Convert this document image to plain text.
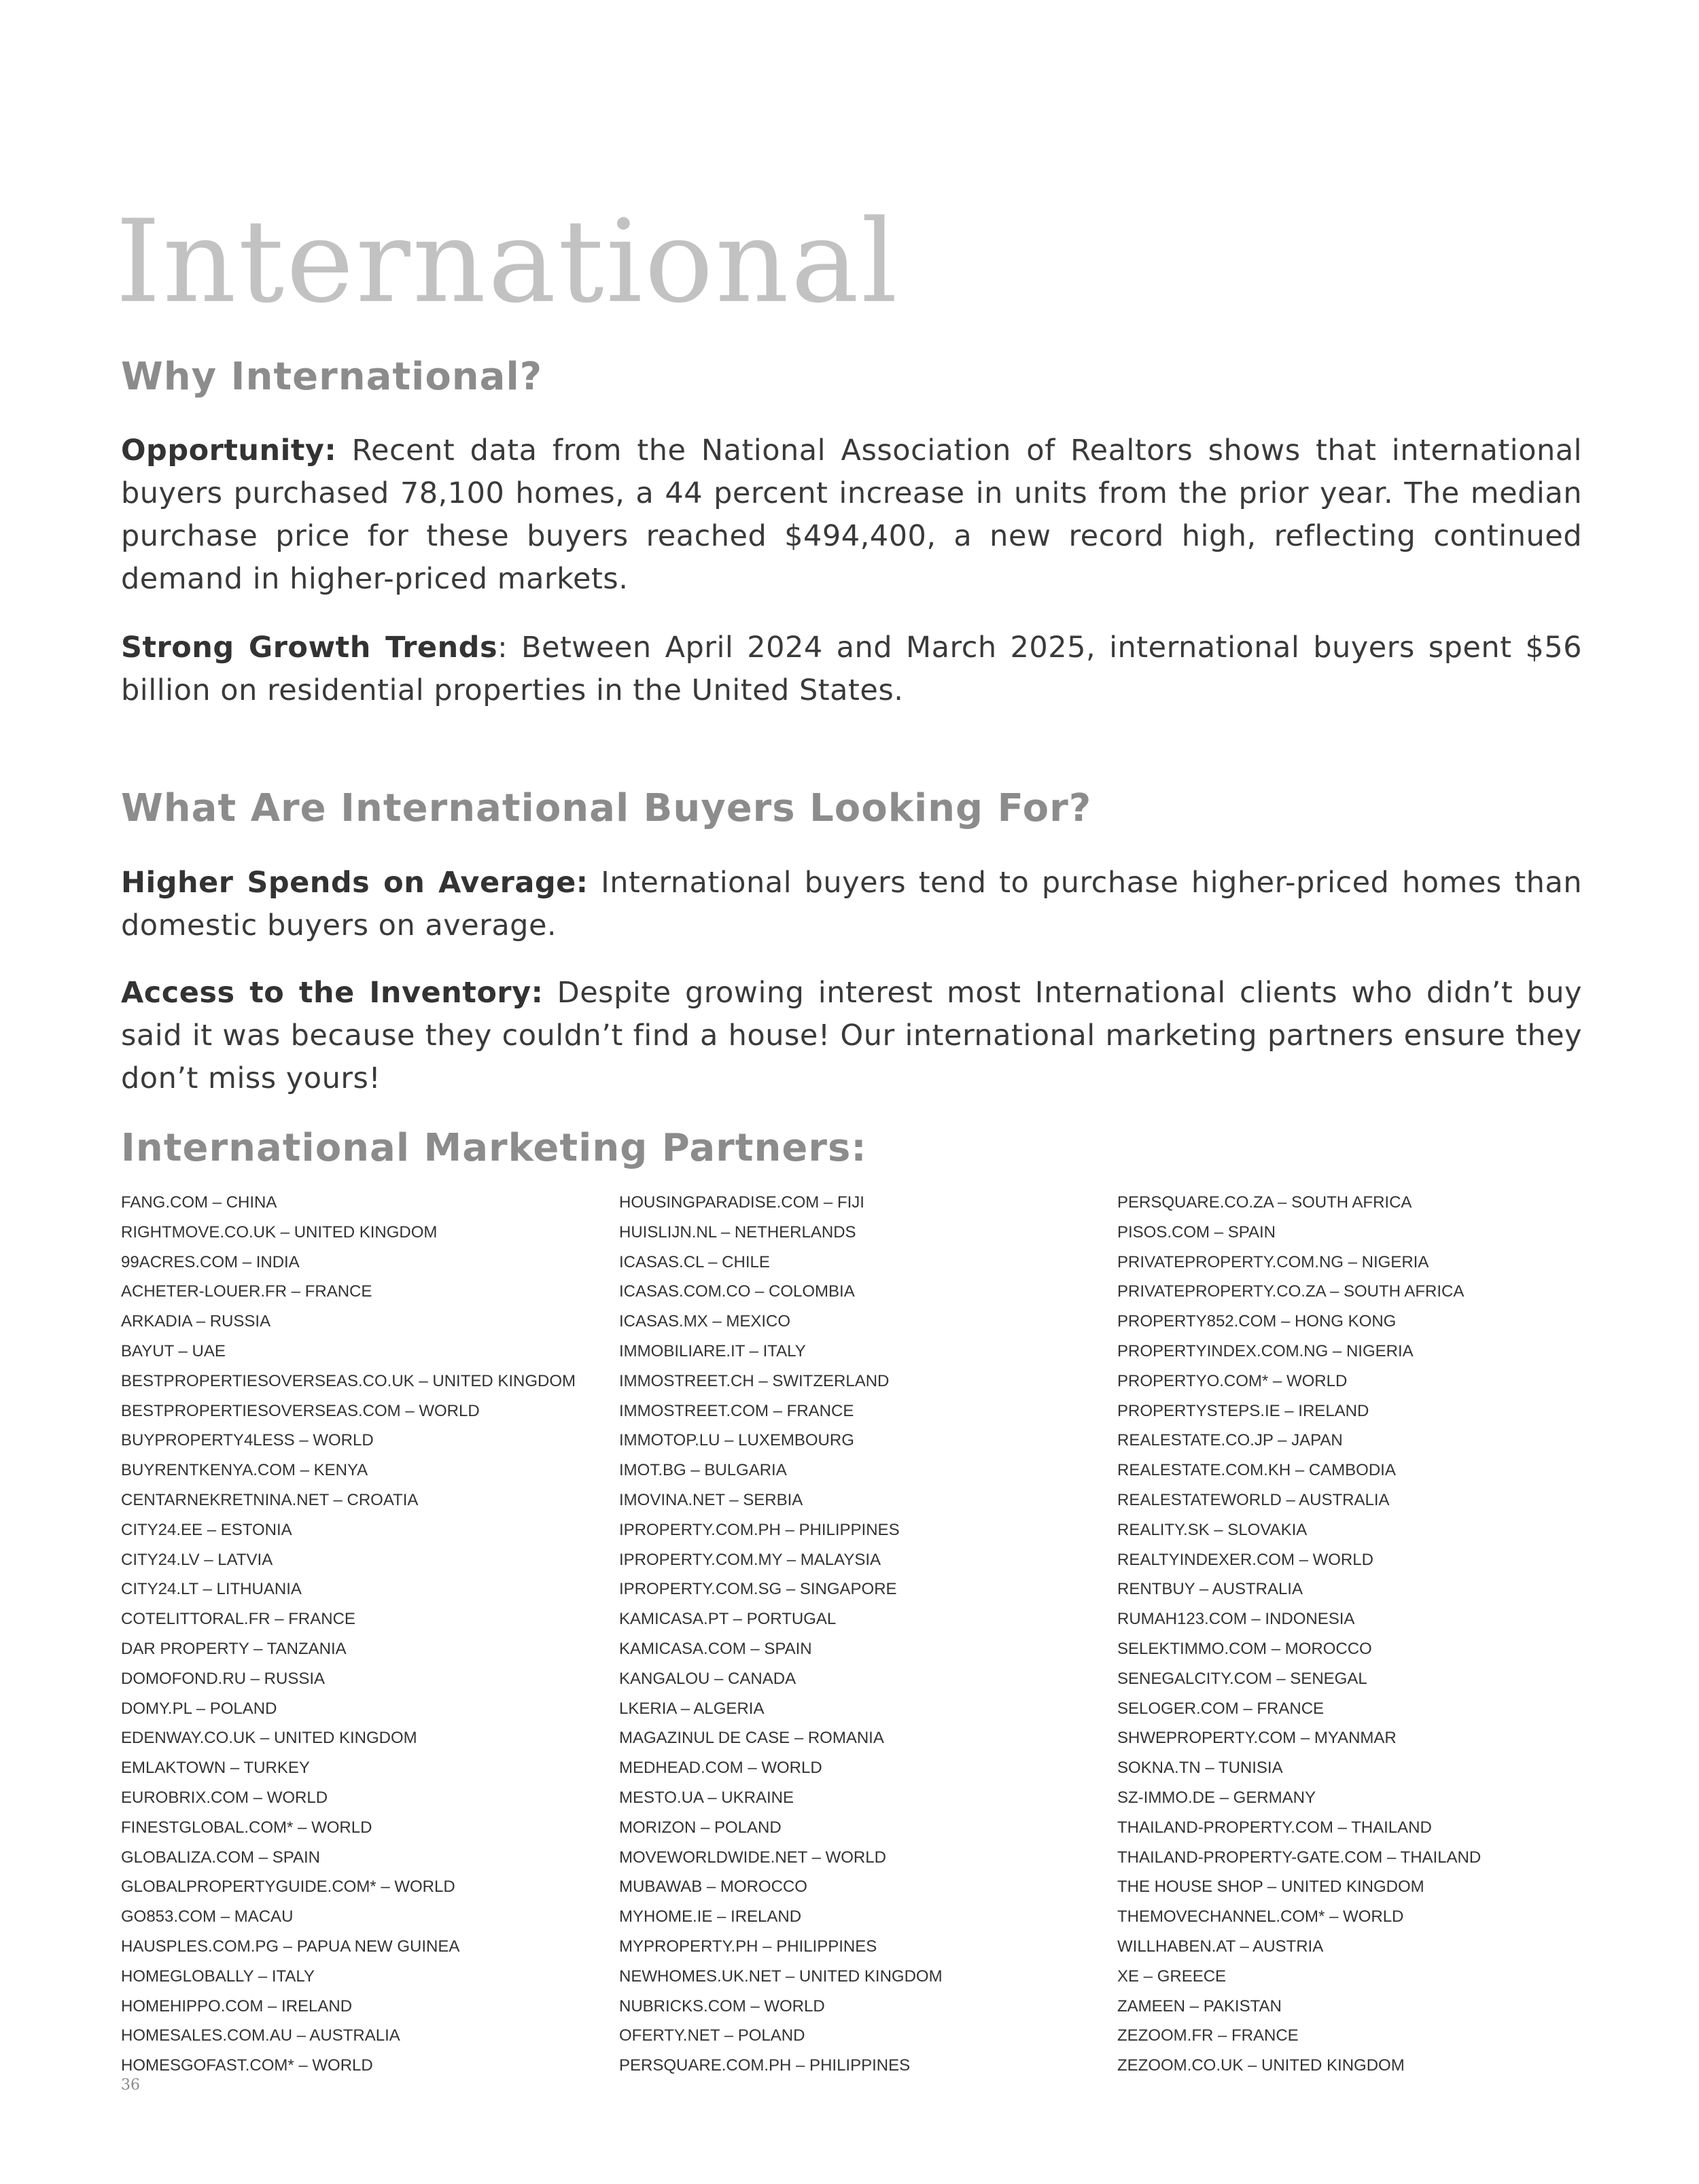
International
Why International?

Opportunity: Recent data from the National Association of Realtors shows that international buyers purchased 78,100 homes, a 44 percent increase in units from the prior year. The median purchase price for these buyers reached $494,400, a new record high, reflecting continued demand in higher-priced markets.

Strong Growth Trends: Between April 2024 and March 2025, international buyers spent $56 billion on residential properties in the United States.

What Are International Buyers Looking For?

Higher Spends on Average: International buyers tend to purchase higher-priced homes than domestic buyers on average.

Access to the Inventory: Despite growing interest most International clients who didn’t buy said it was because they couldn’t find a house! Our international marketing partners ensure they don’t miss yours!

International Marketing Partners:
FANG.COM – CHINA
RIGHTMOVE.CO.UK – UNITED KINGDOM
99ACRES.COM – INDIA
ACHETER-LOUER.FR – FRANCE
ARKADIA – RUSSIA
BAYUT – UAE
BESTPROPERTIESOVERSEAS.CO.UK – UNITED KINGDOM
BESTPROPERTIESOVERSEAS.COM – WORLD
BUYPROPERTY4LESS – WORLD
BUYRENTKENYA.COM – KENYA
CENTARNEKRETNINA.NET – CROATIA
CITY24.EE – ESTONIA
CITY24.LV – LATVIA
CITY24.LT – LITHUANIA
COTELITTORAL.FR – FRANCE
DAR PROPERTY – TANZANIA
DOMOFOND.RU – RUSSIA
DOMY.PL – POLAND
EDENWAY.CO.UK – UNITED KINGDOM
EMLAKTOWN – TURKEY
EUROBRIX.COM – WORLD
FINESTGLOBAL.COM* – WORLD
GLOBALIZA.COM – SPAIN
GLOBALPROPERTYGUIDE.COM* – WORLD
GO853.COM – MACAU
HAUSPLES.COM.PG – PAPUA NEW GUINEA
HOMEGLOBALLY – ITALY
HOMEHIPPO.COM – IRELAND
HOMESALES.COM.AU – AUSTRALIA
HOMESGOFAST.COM* – WORLD
HOUSINGPARADISE.COM – FIJI
HUISLIJN.NL – NETHERLANDS
ICASAS.CL – CHILE
ICASAS.COM.CO – COLOMBIA
ICASAS.MX – MEXICO
IMMOBILIARE.IT – ITALY
IMMOSTREET.CH – SWITZERLAND
IMMOSTREET.COM – FRANCE
IMMOTOP.LU – LUXEMBOURG
IMOT.BG – BULGARIA
IMOVINA.NET – SERBIA
IPROPERTY.COM.PH – PHILIPPINES
IPROPERTY.COM.MY – MALAYSIA
IPROPERTY.COM.SG – SINGAPORE
KAMICASA.PT – PORTUGAL
KAMICASA.COM – SPAIN
KANGALOU – CANADA
LKERIA – ALGERIA
MAGAZINUL DE CASE – ROMANIA
MEDHEAD.COM – WORLD
MESTO.UA – UKRAINE
MORIZON – POLAND
MOVEWORLDWIDE.NET – WORLD
MUBAWAB – MOROCCO
MYHOME.IE – IRELAND
MYPROPERTY.PH – PHILIPPINES
NEWHOMES.UK.NET – UNITED KINGDOM
NUBRICKS.COM – WORLD
OFERTY.NET – POLAND
PERSQUARE.COM.PH – PHILIPPINES
PERSQUARE.CO.ZA – SOUTH AFRICA
PISOS.COM – SPAIN
PRIVATEPROPERTY.COM.NG – NIGERIA
PRIVATEPROPERTY.CO.ZA – SOUTH AFRICA
PROPERTY852.COM – HONG KONG
PROPERTYINDEX.COM.NG – NIGERIA
PROPERTYO.COM* – WORLD
PROPERTYSTEPS.IE – IRELAND
REALESTATE.CO.JP – JAPAN
REALESTATE.COM.KH – CAMBODIA
REALESTATEWORLD – AUSTRALIA
REALITY.SK – SLOVAKIA
REALTYINDEXER.COM – WORLD
RENTBUY – AUSTRALIA
RUMAH123.COM – INDONESIA
SELEKTIMMO.COM – MOROCCO
SENEGALCITY.COM – SENEGAL
SELOGER.COM – FRANCE
SHWEPROPERTY.COM – MYANMAR
SOKNA.TN – TUNISIA
SZ-IMMO.DE – GERMANY
THAILAND-PROPERTY.COM – THAILAND
THAILAND-PROPERTY-GATE.COM – THAILAND
THE HOUSE SHOP – UNITED KINGDOM
THEMOVECHANNEL.COM* – WORLD
WILLHABEN.AT – AUSTRIA
XE – GREECE
ZAMEEN – PAKISTAN
ZEZOOM.FR – FRANCE
ZEZOOM.CO.UK – UNITED KINGDOM
36
